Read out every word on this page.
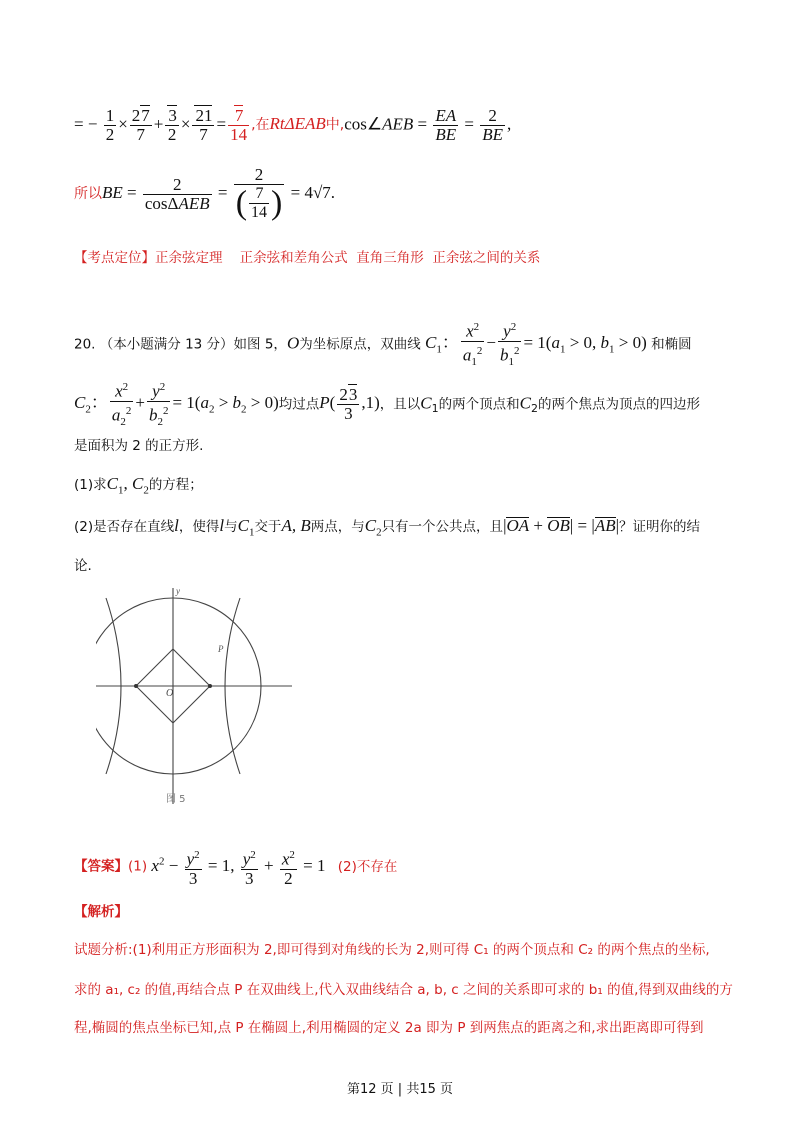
= − $\frac{1}{2} \times \frac{27}{7} + \frac{3}{2} \times \frac{21}{7} = \frac{7}{14}$ ,在RtΔEAB中,cos∠AEB = $\frac{EA}{BE} = \frac{2}{BE}$ ,
所以BE = $\frac{2}{\text{cosΔAEB}} = \frac{2}{( \frac{7}{14} )} = 4√7$.
【考点定位】正余弦定理    正余弦和差角公式  直角三角形  正余弦之间的关系
20. （本小题满分 13 分）如图 5，O为坐标原点，双曲线 $C_1$： $\frac{x^2}{a_1^2} - \frac{y^2}{b_1^2} = 1(a_1 > 0$, $b_1 > 0$) 和椭圆
$C_2$： $\frac{x^2}{a_2^2} + \frac{y^2}{b_2^2} = 1(a_2 > b_2 > 0)$均过点$P( \frac{23}{3} ,1)$，且以$C_1$的两个顶点和$C_2$的两个焦点为顶点的四边形
是面积为 2 的正方形.
(1)求$C_1$, $C_2$的方程；
(2)是否存在直线l，使得l与$C_1$交于A, B两点，与$C_2$只有一个公共点，且|OA + OB| = |AB|？证明你的结
论.
O
P
y
图 5
【答案】(1) $x^2 - \frac{y^2}{3} = 1$, $\frac{y^2}{3} + \frac{x^2}{2} = 1$ (2)不存在
【解析】
试题分析:(1)利用正方形面积为 2,即可得到对角线的长为 2,则可得 C₁ 的两个顶点和 C₂ 的两个焦点的坐标,
求的 a₁, c₂ 的值,再结合点 P 在双曲线上,代入双曲线结合 a, b, c 之间的关系即可求的 b₁ 的值,得到双曲线的方
程,椭圆的焦点坐标已知,点 P 在椭圆上,利用椭圆的定义 2a 即为 P 到两焦点的距离之和,求出距离即可得到
第12 页 | 共15 页
